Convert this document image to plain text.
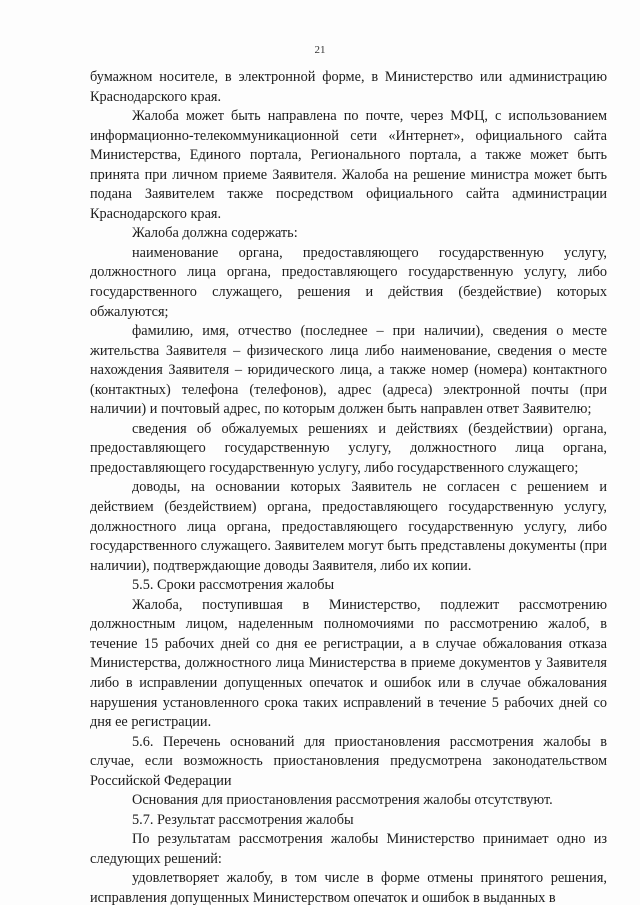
21

бумажном носителе, в электронной форме, в Министерство или администрацию Краснодарского края.

Жалоба может быть направлена по почте, через МФЦ, с использованием информационно-телекоммуникационной сети «Интернет», официального сайта Министерства, Единого портала, Регионального портала, а также может быть принята при личном приеме Заявителя. Жалоба на решение министра может быть подана Заявителем также посредством официального сайта администрации Краснодарского края.

Жалоба должна содержать:

наименование органа, предоставляющего государственную услугу, должностного лица органа, предоставляющего государственную услугу, либо государственного служащего, решения и действия (бездействие) которых обжалуются;

фамилию, имя, отчество (последнее – при наличии), сведения о месте жительства Заявителя – физического лица либо наименование, сведения о месте нахождения Заявителя – юридического лица, а также номер (номера) контактного (контактных) телефона (телефонов), адрес (адреса) электронной почты (при наличии) и почтовый адрес, по которым должен быть направлен ответ Заявителю;

сведения об обжалуемых решениях и действиях (бездействии) органа, предоставляющего государственную услугу, должностного лица органа, предоставляющего государственную услугу, либо государственного служащего;

доводы, на основании которых Заявитель не согласен с решением и действием (бездействием) органа, предоставляющего государственную услугу, должностного лица органа, предоставляющего государственную услугу, либо государственного служащего. Заявителем могут быть представлены документы (при наличии), подтверждающие доводы Заявителя, либо их копии.

5.5. Сроки рассмотрения жалобы

Жалоба, поступившая в Министерство, подлежит рассмотрению должностным лицом, наделенным полномочиями по рассмотрению жалоб, в течение 15 рабочих дней со дня ее регистрации, а в случае обжалования отказа Министерства, должностного лица Министерства в приеме документов у Заявителя либо в исправлении допущенных опечаток и ошибок или в случае обжалования нарушения установленного срока таких исправлений в течение 5 рабочих дней со дня ее регистрации.

5.6. Перечень оснований для приостановления рассмотрения жалобы в случае, если возможность приостановления предусмотрена законодательством Российской Федерации

Основания для приостановления рассмотрения жалобы отсутствуют.

5.7. Результат рассмотрения жалобы

По результатам рассмотрения жалобы Министерство принимает одно из следующих решений:

удовлетворяет жалобу, в том числе в форме отмены принятого решения, исправления допущенных Министерством опечаток и ошибок в выданных в
